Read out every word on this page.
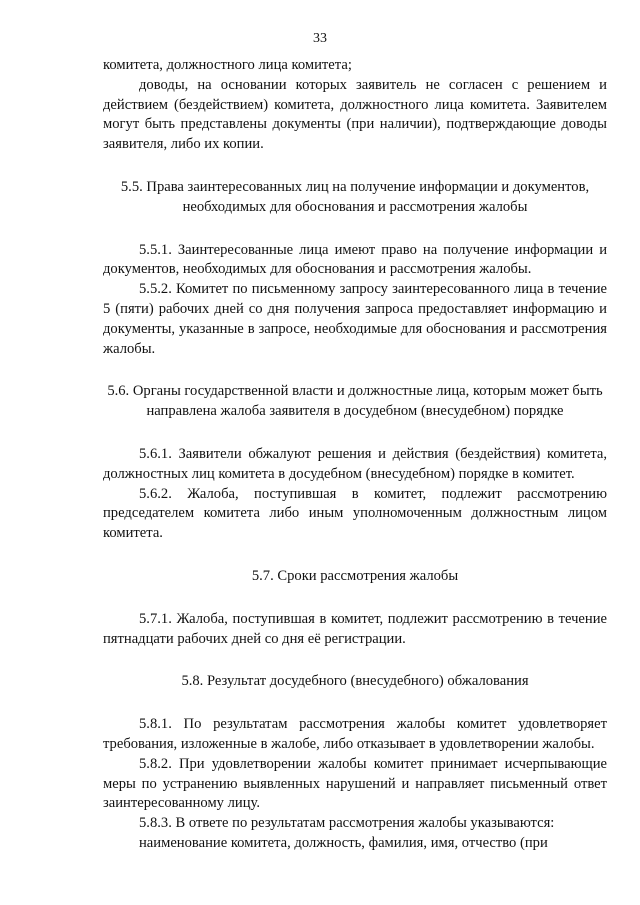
33

комитета, должностного лица комитета;

доводы, на основании которых заявитель не согласен с решением и действием (бездействием) комитета, должностного лица комитета. Заявителем могут быть представлены документы (при наличии), подтверждающие доводы заявителя, либо их копии.

5.5. Права заинтересованных лиц на получение информации и документов, необходимых для обоснования и рассмотрения жалобы

5.5.1. Заинтересованные лица имеют право на получение информации и документов, необходимых для обоснования и рассмотрения жалобы.

5.5.2. Комитет по письменному запросу заинтересованного лица в течение 5 (пяти) рабочих дней со дня получения запроса предоставляет информацию и документы, указанные в запросе, необходимые для обоснования и рассмотрения жалобы.

5.6. Органы государственной власти и должностные лица, которым может быть направлена жалоба заявителя в досудебном (внесудебном) порядке

5.6.1. Заявители обжалуют решения и действия (бездействия) комитета, должностных лиц комитета в досудебном (внесудебном) порядке в комитет.

5.6.2. Жалоба, поступившая в комитет, подлежит рассмотрению председателем комитета либо иным уполномоченным должностным лицом комитета.

5.7. Сроки рассмотрения жалобы

5.7.1. Жалоба, поступившая в комитет, подлежит рассмотрению в течение пятнадцати рабочих дней со дня её регистрации.

5.8. Результат досудебного (внесудебного) обжалования

5.8.1. По результатам рассмотрения жалобы комитет удовлетворяет требования, изложенные в жалобе, либо отказывает в удовлетворении жалобы.

5.8.2. При удовлетворении жалобы комитет принимает исчерпывающие меры по устранению выявленных нарушений и направляет письменный ответ заинтересованному лицу.

5.8.3. В ответе по результатам рассмотрения жалобы указываются:

наименование комитета, должность, фамилия, имя, отчество (при
